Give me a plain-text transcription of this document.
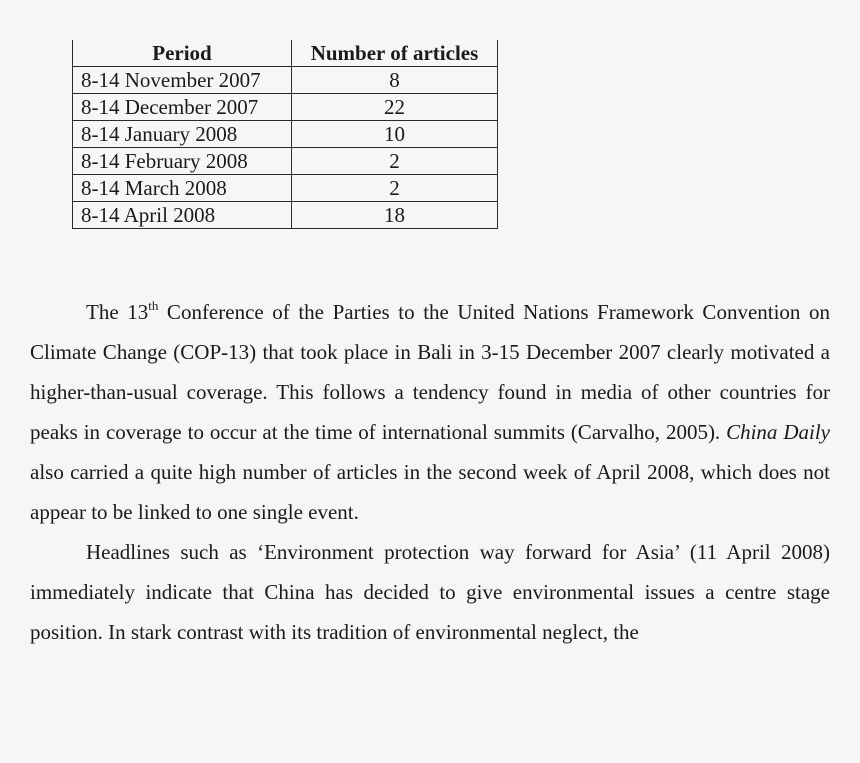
Period	Number of articles
8-14 November 2007	8
8-14 December 2007	22
8-14 January 2008	10
8-14 February 2008	2
8-14 March 2008	2
8-14 April 2008	18

The 13th Conference of the Parties to the United Nations Framework Convention on Climate Change (COP-13) that took place in Bali in 3-15 December 2007 clearly motivated a higher-than-usual coverage. This follows a tendency found in media of other countries for peaks in coverage to occur at the time of international summits (Carvalho, 2005). China Daily also carried a quite high number of articles in the second week of April 2008, which does not appear to be linked to one single event.

Headlines such as ‘Environment protection way forward for Asia’ (11 April 2008) immediately indicate that China has decided to give environmental issues a centre stage position. In stark contrast with its tradition of environmental neglect, the
